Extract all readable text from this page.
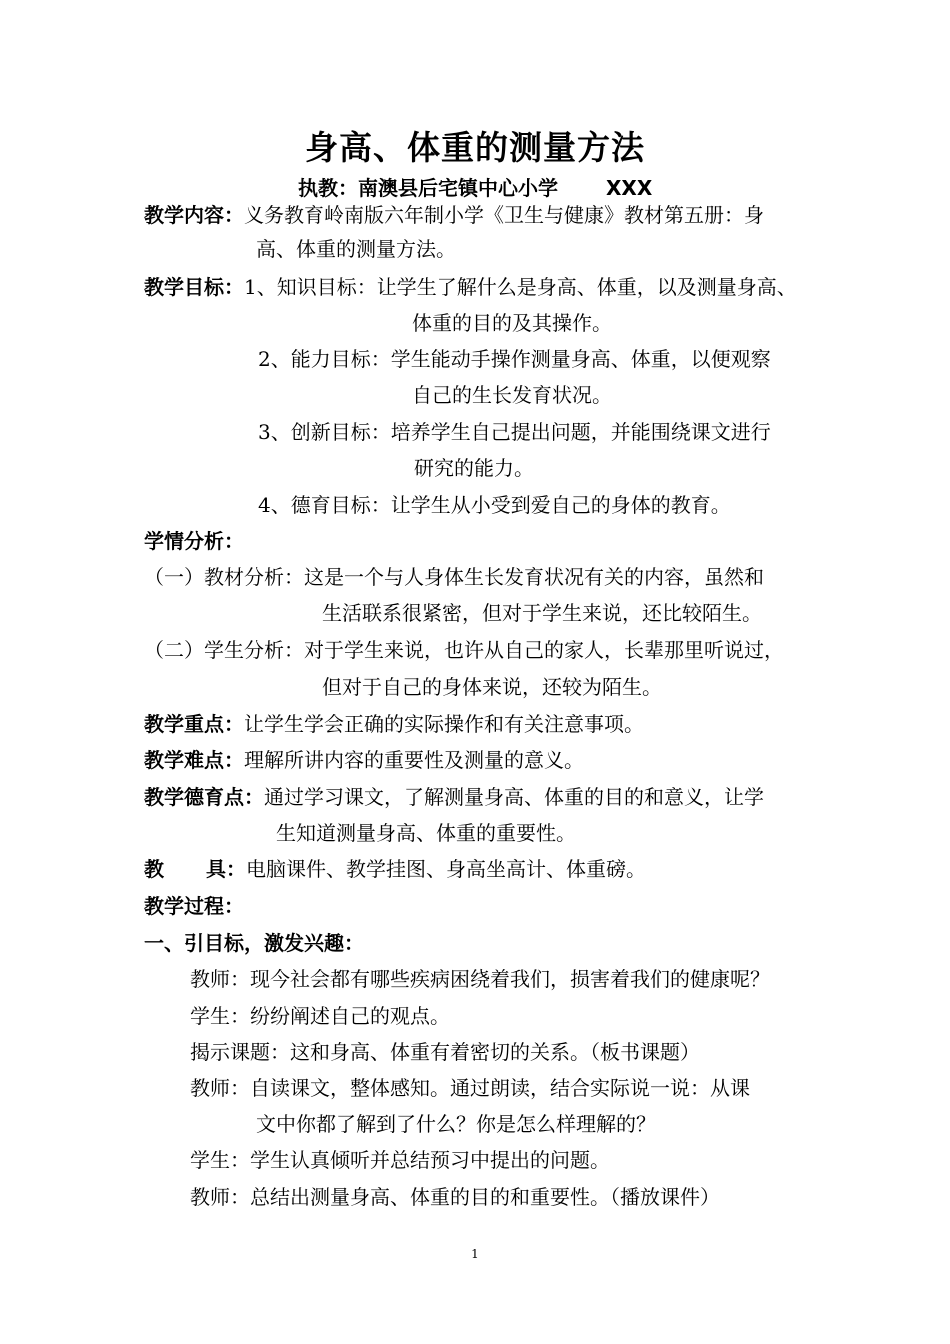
身高、体重的测量方法
执教：南澳县后宅镇中心小学 XXX
教学内容：义务教育岭南版六年制小学《卫生与健康》教材第五册：身
高、体重的测量方法。
教学目标：1、知识目标：让学生了解什么是身高、体重，以及测量身高、
体重的目的及其操作。
2、能力目标：学生能动手操作测量身高、体重，以便观察
自己的生长发育状况。
3、创新目标：培养学生自己提出问题，并能围绕课文进行
研究的能力。
4、德育目标：让学生从小受到爱自己的身体的教育。
学情分析：
（一）教材分析：这是一个与人身体生长发育状况有关的内容，虽然和
生活联系很紧密，但对于学生来说，还比较陌生。
（二）学生分析：对于学生来说，也许从自己的家人，长辈那里听说过，
但对于自己的身体来说，还较为陌生。
教学重点：让学生学会正确的实际操作和有关注意事项。
教学难点：理解所讲内容的重要性及测量的意义。
教学德育点：通过学习课文，了解测量身高、体重的目的和意义，让学
生知道测量身高、体重的重要性。
教 具：电脑课件、教学挂图、身高坐高计、体重磅。
教学过程：
一、引目标，激发兴趣：
教师：现今社会都有哪些疾病困绕着我们，损害着我们的健康呢？
学生：纷纷阐述自己的观点。
揭示课题：这和身高、体重有着密切的关系。（板书课题）
教师：自读课文，整体感知。通过朗读，结合实际说一说：从课
文中你都了解到了什么？你是怎么样理解的？
学生：学生认真倾听并总结预习中提出的问题。
教师：总结出测量身高、体重的目的和重要性。（播放课件）
1
